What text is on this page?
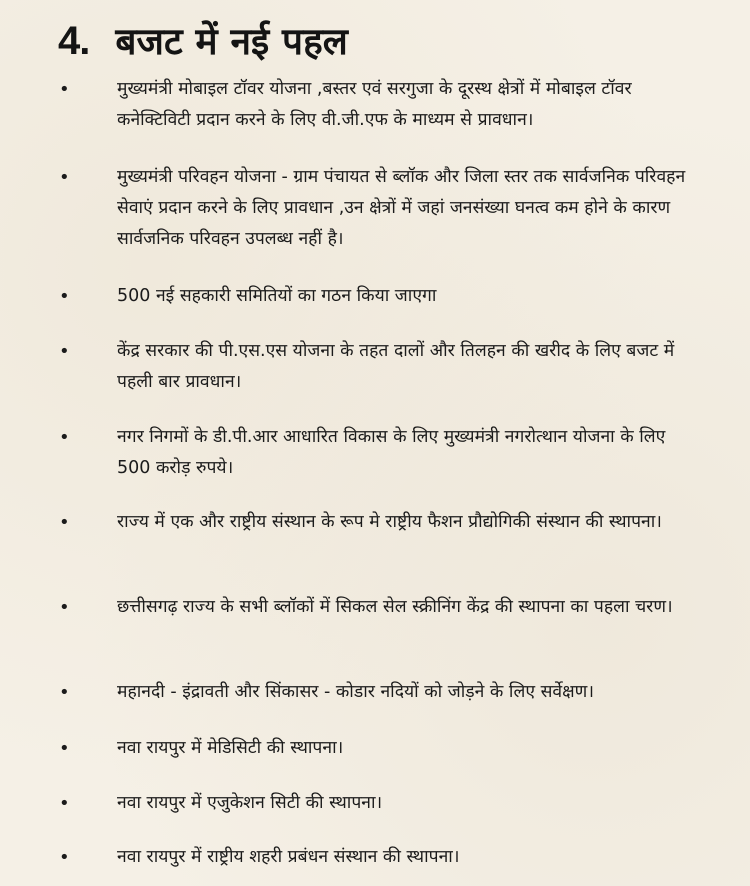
4. बजट में नई पहल
•	मुख्यमंत्री मोबाइल टॉवर योजना ,बस्तर एवं सरगुजा के दूरस्थ क्षेत्रों में मोबाइल टॉवर कनेक्टिविटी प्रदान करने के लिए वी.जी.एफ के माध्यम से प्रावधान।
•	मुख्यमंत्री परिवहन योजना - ग्राम पंचायत से ब्लॉक और जिला स्तर तक सार्वजनिक परिवहन सेवाएं प्रदान करने के लिए प्रावधान ,उन क्षेत्रों में जहां जनसंख्या घनत्व कम होने के कारण सार्वजनिक परिवहन उपलब्ध नहीं है।
•	500 नई सहकारी समितियों का गठन किया जाएगा
•	केंद्र सरकार की पी.एस.एस योजना के तहत दालों और तिलहन की खरीद के लिए बजट में पहली बार प्रावधान।
•	नगर निगमों के डी.पी.आर आधारित विकास के लिए मुख्यमंत्री नगरोत्थान योजना के लिए 500 करोड़ रुपये।
•	राज्य में एक और राष्ट्रीय संस्थान के रूप मे राष्ट्रीय फैशन प्रौद्योगिकी संस्थान की स्थापना।
•	छत्तीसगढ़ राज्य के सभी ब्लॉकों में सिकल सेल स्क्रीनिंग केंद्र की स्थापना का पहला चरण।
•	महानदी - इंद्रावती और सिंकासर - कोडार नदियों को जोड़ने के लिए सर्वेक्षण।
•	नवा रायपुर में मेडिसिटी की स्थापना।
•	नवा रायपुर में एजुकेशन सिटी की स्थापना।
•	नवा रायपुर में राष्ट्रीय शहरी प्रबंधन संस्थान की स्थापना।
